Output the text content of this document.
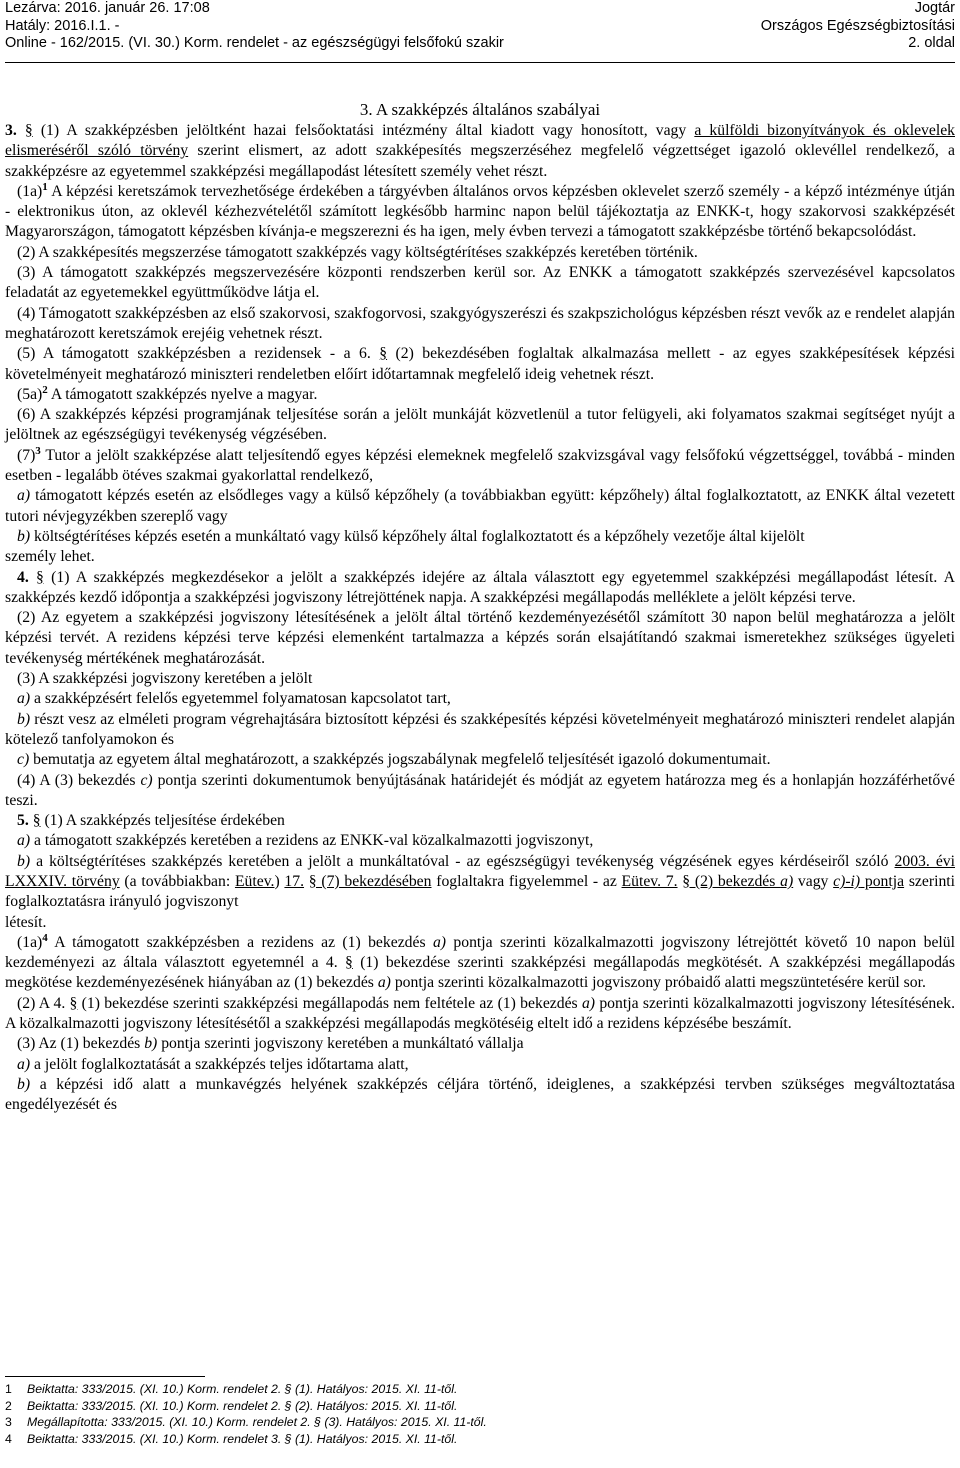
Lezárva: 2016. január 26. 17:08
Hatály: 2016.I.1. -
Online - 162/2015. (VI. 30.) Korm. rendelet - az egészségügyi felsőfokú szakir
Jogtár
Országos Egészségbiztosítási
2. oldal
3. A szakképzés általános szabályai

3. § (1) A szakképzésben jelöltként hazai felsőoktatási intézmény által kiadott vagy honosított, vagy a külföldi bizonyítványok és oklevelek elismeréséről szóló törvény szerint elismert, az adott szakképesítés megszerzéséhez megfelelő végzettséget igazoló oklevéllel rendelkező, a szakképzésre az egyetemmel szakképzési megállapodást létesített személy vehet részt.

$(1a)^1$ A képzési keretszámok tervezhetősége érdekében a tárgyévben általános orvos képzésben oklevelet szerző személy - a képző intézménye útján - elektronikus úton, az oklevél kézhezvételétől számított legkésőbb harminc napon belül tájékoztatja az ENKK-t, hogy szakorvosi szakképzését Magyarországon, támogatott képzésben kívánja-e megszerezni és ha igen, mely évben tervezi a támogatott szakképzésbe történő bekapcsolódást.

(2) A szakképesítés megszerzése támogatott szakképzés vagy költségtérítéses szakképzés keretében történik.

(3) A támogatott szakképzés megszervezésére központi rendszerben kerül sor. Az ENKK a támogatott szakképzés szervezésével kapcsolatos feladatát az egyetemekkel együttműködve látja el.

(4) Támogatott szakképzésben az első szakorvosi, szakfogorvosi, szakgyógyszerészi és szakpszichológus képzésben részt vevők az e rendelet alapján meghatározott keretszámok erejéig vehetnek részt.

(5) A támogatott szakképzésben a rezidensek - a 6. § (2) bekezdésében foglaltak alkalmazása mellett - az egyes szakképesítések képzési követelményeit meghatározó miniszteri rendeletben előírt időtartamnak megfelelő ideig vehetnek részt.

$(5a)^2$ A támogatott szakképzés nyelve a magyar.

(6) A szakképzés képzési programjának teljesítése során a jelölt munkáját közvetlenül a tutor felügyeli, aki folyamatos szakmai segítséget nyújt a jelöltnek az egészségügyi tevékenység végzésében.

$(7)^3$ Tutor a jelölt szakképzése alatt teljesítendő egyes képzési elemeknek megfelelő szakvizsgával vagy felsőfokú végzettséggel, továbbá - minden esetben - legalább ötéves szakmai gyakorlattal rendelkező,

a) támogatott képzés esetén az elsődleges vagy a külső képzőhely (a továbbiakban együtt: képzőhely) által foglalkoztatott, az ENKK által vezetett tutori névjegyzékben szereplő vagy

b) költségtérítéses képzés esetén a munkáltató vagy külső képzőhely által foglalkoztatott és a képzőhely vezetője által kijelölt
személy lehet.

4. § (1) A szakképzés megkezdésekor a jelölt a szakképzés idejére az általa választott egy egyetemmel szakképzési megállapodást létesít. A szakképzés kezdő időpontja a szakképzési jogviszony létrejöttének napja. A szakképzési megállapodás melléklete a jelölt képzési terve.

(2) Az egyetem a szakképzési jogviszony létesítésének a jelölt által történő kezdeményezésétől számított 30 napon belül meghatározza a jelölt képzési tervét. A rezidens képzési terve képzési elemenként tartalmazza a képzés során elsajátítandó szakmai ismeretekhez szükséges ügyeleti tevékenység mértékének meghatározását.

(3) A szakképzési jogviszony keretében a jelölt

a) a szakképzésért felelős egyetemmel folyamatosan kapcsolatot tart,

b) részt vesz az elméleti program végrehajtására biztosított képzési és szakképesítés képzési követelményeit meghatározó miniszteri rendelet alapján kötelező tanfolyamokon és

c) bemutatja az egyetem által meghatározott, a szakképzés jogszabálynak megfelelő teljesítését igazoló dokumentumait.

(4) A (3) bekezdés c) pontja szerinti dokumentumok benyújtásának határidejét és módját az egyetem határozza meg és a honlapján hozzáférhetővé teszi.

5. § (1) A szakképzés teljesítése érdekében

a) a támogatott szakképzés keretében a rezidens az ENKK-val közalkalmazotti jogviszonyt,

b) a költségtérítéses szakképzés keretében a jelölt a munkáltatóval - az egészségügyi tevékenység végzésének egyes kérdéseiről szóló 2003. évi LXXXIV. törvény (a továbbiakban: Eütev.) 17. § (7) bekezdésében foglaltakra figyelemmel - az Eütev. 7. § (2) bekezdés a) vagy c)-i) pontja szerinti foglalkoztatásra irányuló jogviszonyt
létesít.

$(1a)^4$ A támogatott szakképzésben a rezidens az (1) bekezdés a) pontja szerinti közalkalmazotti jogviszony létrejöttét követő 10 napon belül kezdeményezi az általa választott egyetemnél a 4. § (1) bekezdése szerinti szakképzési megállapodás megkötését. A szakképzési megállapodás megkötése kezdeményezésének hiányában az (1) bekezdés a) pontja szerinti közalkalmazotti jogviszony próbaidő alatti megszüntetésére kerül sor.

(2) A 4. § (1) bekezdése szerinti szakképzési megállapodás nem feltétele az (1) bekezdés a) pontja szerinti közalkalmazotti jogviszony létesítésének. A közalkalmazotti jogviszony létesítésétől a szakképzési megállapodás megkötéséig eltelt idő a rezidens képzésébe beszámít.

(3) Az (1) bekezdés b) pontja szerinti jogviszony keretében a munkáltató vállalja

a) a jelölt foglalkoztatását a szakképzés teljes időtartama alatt,

b) a képzési idő alatt a munkavégzés helyének szakképzés céljára történő, ideiglenes, a szakképzési tervben szükséges megváltoztatása engedélyezését és

1 Beiktatta: 333/2015. (XI. 10.) Korm. rendelet 2. § (1). Hatályos: 2015. XI. 11-től.
2 Beiktatta: 333/2015. (XI. 10.) Korm. rendelet 2. § (2). Hatályos: 2015. XI. 11-től.
3 Megállapította: 333/2015. (XI. 10.) Korm. rendelet 2. § (3). Hatályos: 2015. XI. 11-től.
4 Beiktatta: 333/2015. (XI. 10.) Korm. rendelet 3. § (1). Hatályos: 2015. XI. 11-től.
